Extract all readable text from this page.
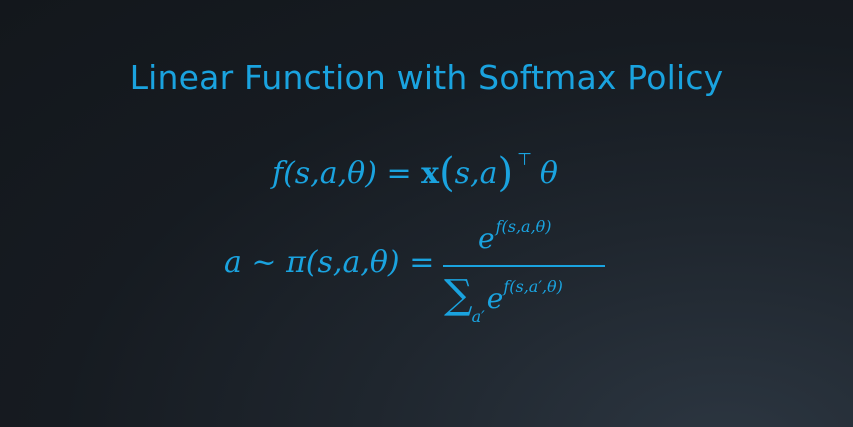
Linear Function with Softmax Policy
f(s,a,θ) = x(s,a) ⊤ θ
a ~ π(s,a,θ) =
$e^{f(s,a,\theta)}$
∑a′ef(s,a′,θ)
